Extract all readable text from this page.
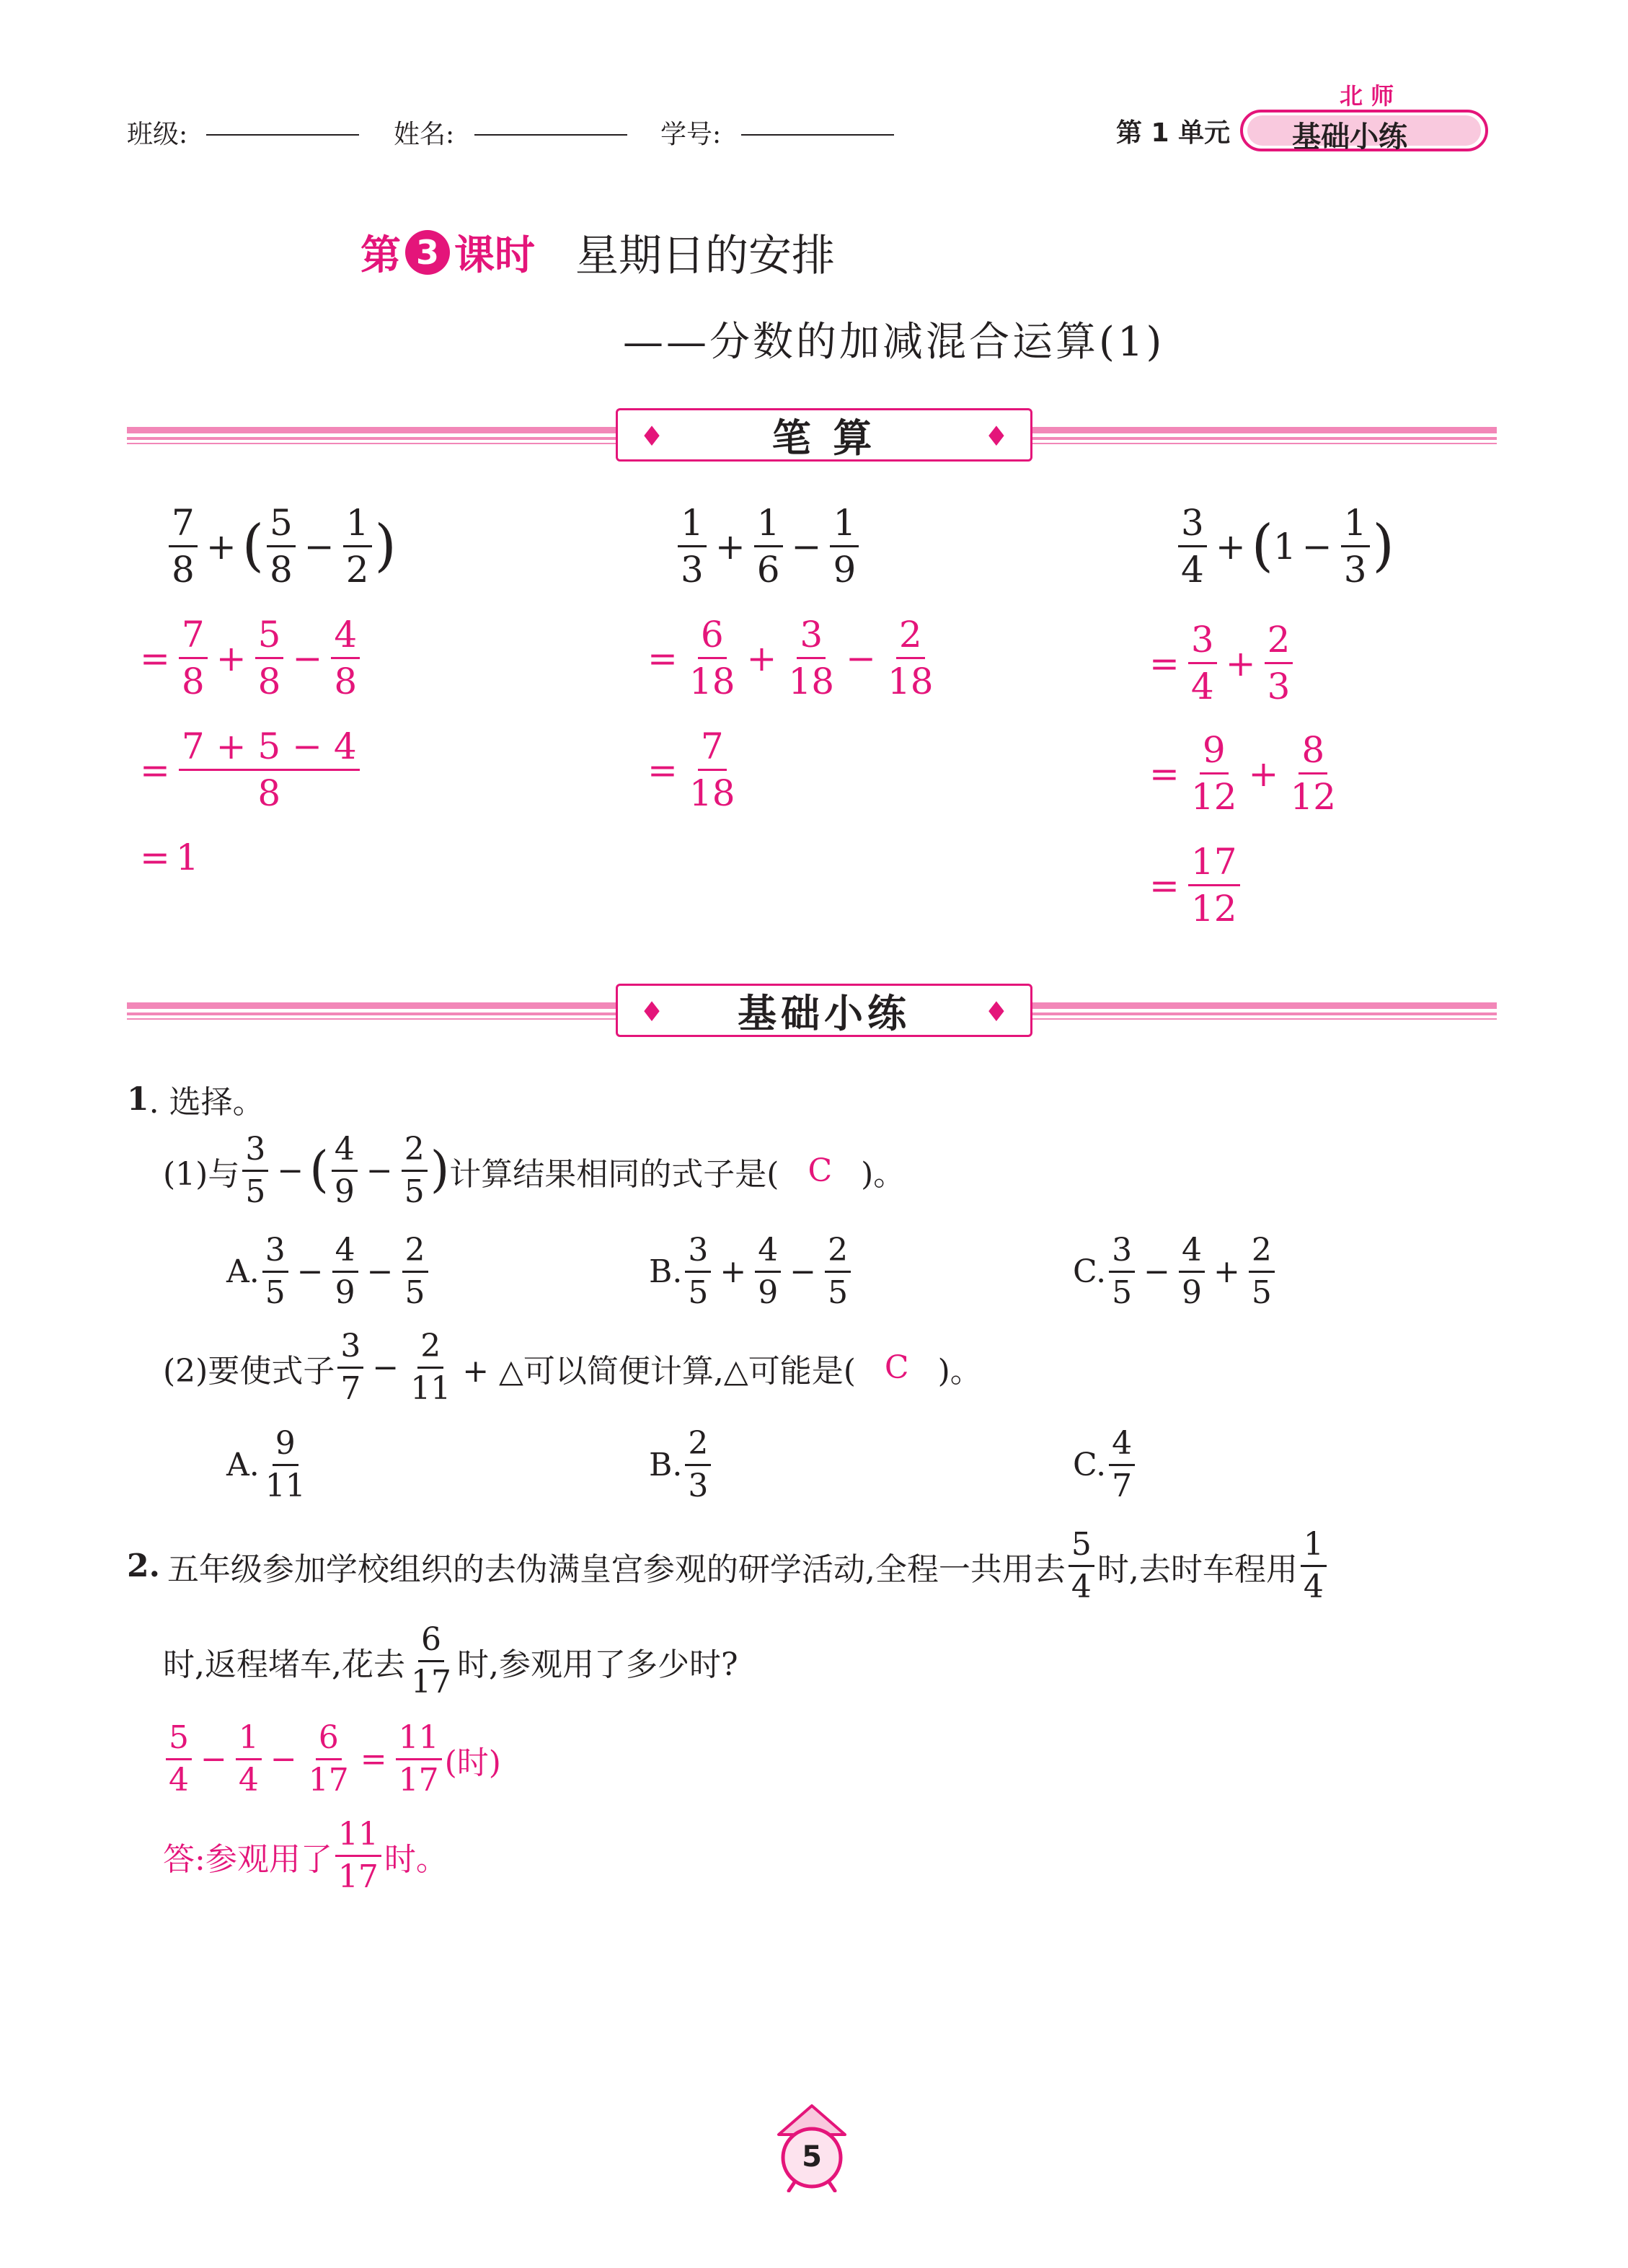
班级:	姓名:	学号:	第 1 单元
北 师
基础小练
第 3 课时 星期日的安排
——分数的加减混合运算(1)
♦	笔 算	♦
$\frac{7}{8}$ + ( $\frac{5}{8} - \frac{1}{2}$ )
= $\frac{7}{8} + \frac{5}{8} - \frac{4}{8}$
= $\frac{7 + 5 - 4}{8}$
= 1
$\frac{1}{3} + \frac{1}{6} - \frac{1}{9}$
= $\frac{6}{18} + \frac{3}{18} - \frac{2}{18}$
= $\frac{7}{18}$
$\frac{3}{4}$ + ( $1 - \frac{1}{3}$ )
= $\frac{3}{4} + \frac{2}{3}$
= $\frac{9}{12} + \frac{8}{12}$
= $\frac{17}{12}$
♦ 基础小练	♦
1 . 选择。
(1)与 $\frac{3}{5}$ − ( $\frac{4}{9} - \frac{2}{5}$ ) 计算结果相同的式子是( C )。
A. $\frac{3}{5} - \frac{4}{9} - \frac{2}{5}$	B. $\frac{3}{5} + \frac{4}{9} - \frac{2}{5}$	C. $\frac{3}{5} - \frac{4}{9} + \frac{2}{5}$
(2)要使式子 $\frac{3}{7} - \frac{2}{11}$ + △可以简便计算,△可能是( C )。
A. $\frac{9}{11}$	B. $\frac{2}{3}$	C. $\frac{4}{7}$
2. 五年级参加学校组织的去伪满皇宫参观的研学活动,全程一共用去 $\frac{5}{4}$ 时,去时车程用 $\frac{1}{4}$
时,返程堵车,花去 $\frac{6}{17}$ 时,参观用了多少时?
$\frac{5}{4} - \frac{1}{4} - \frac{6}{17} = \frac{11}{17}$ (时)
答:参观用了 $\frac{11}{17}$ 时。
5
